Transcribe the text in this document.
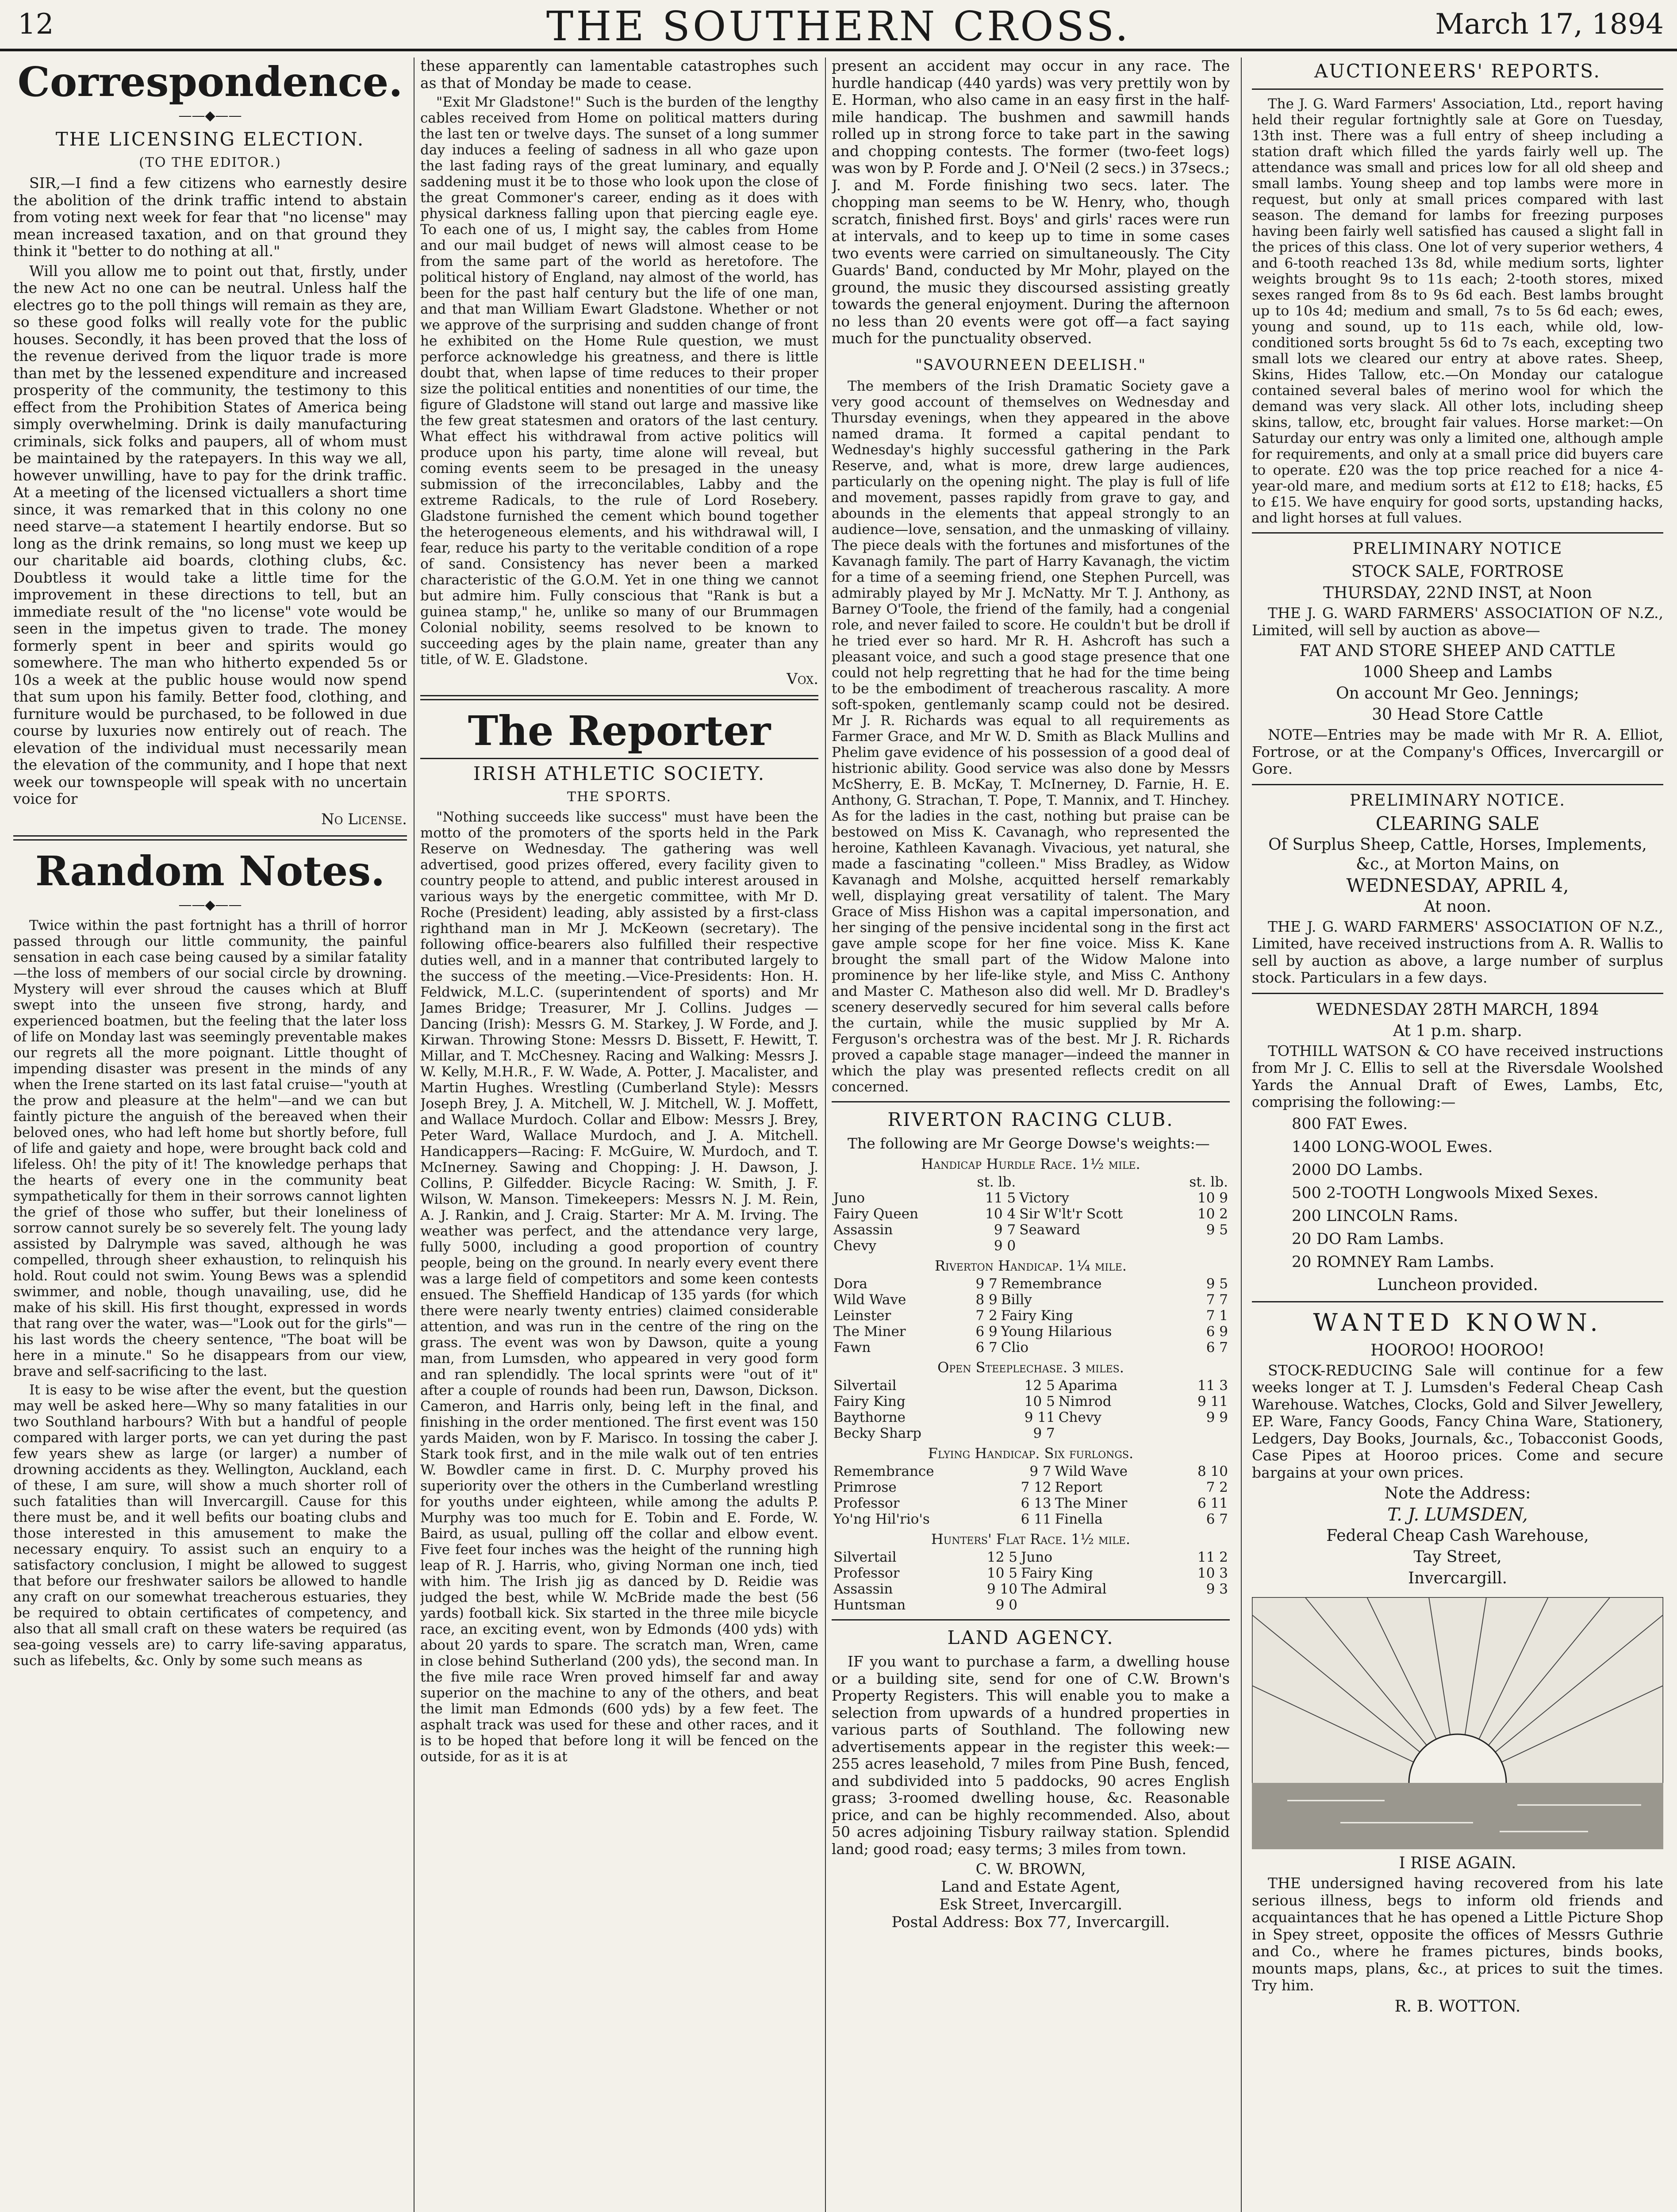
12	THE SOUTHERN CROSS.	March 17, 1894
Correspondence.
——◆——
THE LICENSING ELECTION.
(TO THE EDITOR.)

SIR,—I find a few citizens who earnestly desire the abolition of the drink traffic intend to abstain from voting next week for fear that "no license" may mean increased taxation, and on that ground they think it "better to do nothing at all."

Will you allow me to point out that, firstly, under the new Act no one can be neutral. Unless half the electres go to the poll things will remain as they are, so these good folks will really vote for the public houses. Secondly, it has been proved that the loss of the revenue derived from the liquor trade is more than met by the lessened expenditure and increased prosperity of the community, the testimony to this effect from the Prohibition States of America being simply overwhelming. Drink is daily manufacturing criminals, sick folks and paupers, all of whom must be maintained by the ratepayers. In this way we all, however unwilling, have to pay for the drink traffic. At a meeting of the licensed victuallers a short time since, it was remarked that in this colony no one need starve—a statement I heartily endorse. But so long as the drink remains, so long must we keep up our charitable aid boards, clothing clubs, &c. Doubtless it would take a little time for the improvement in these directions to tell, but an immediate result of the "no license" vote would be seen in the impetus given to trade. The money formerly spent in beer and spirits would go somewhere. The man who hitherto expended 5s or 10s a week at the public house would now spend that sum upon his family. Better food, clothing, and furniture would be purchased, to be followed in due course by luxuries now entirely out of reach. The elevation of the individual must necessarily mean the elevation of the community, and I hope that next week our townspeople will speak with no uncertain voice for

No License.
Random Notes.
——◆——

Twice within the past fortnight has a thrill of horror passed through our little community, the painful sensation in each case being caused by a similar fatality—the loss of members of our social circle by drowning. Mystery will ever shroud the causes which at Bluff swept into the unseen five strong, hardy, and experienced boatmen, but the feeling that the later loss of life on Monday last was seemingly preventable makes our regrets all the more poignant. Little thought of impending disaster was present in the minds of any when the Irene started on its last fatal cruise—"youth at the prow and pleasure at the helm"—and we can but faintly picture the anguish of the bereaved when their beloved ones, who had left home but shortly before, full of life and gaiety and hope, were brought back cold and lifeless. Oh! the pity of it! The knowledge perhaps that the hearts of every one in the community beat sympathetically for them in their sorrows cannot lighten the grief of those who suffer, but their loneliness of sorrow cannot surely be so severely felt. The young lady assisted by Dalrymple was saved, although he was compelled, through sheer exhaustion, to relinquish his hold. Rout could not swim. Young Bews was a splendid swimmer, and noble, though unavailing, use, did he make of his skill. His first thought, expressed in words that rang over the water, was—"Look out for the girls"—his last words the cheery sentence, "The boat will be here in a minute." So he disappears from our view, brave and self-sacrificing to the last.

It is easy to be wise after the event, but the question may well be asked here—Why so many fatalities in our two Southland harbours? With but a handful of people compared with larger ports, we can yet during the past few years shew as large (or larger) a number of drowning accidents as they. Wellington, Auckland, each of these, I am sure, will show a much shorter roll of such fatalities than will Invercargill. Cause for this there must be, and it well befits our boating clubs and those interested in this amusement to make the necessary enquiry. To assist such an enquiry to a satisfactory conclusion, I might be allowed to suggest that before our freshwater sailors be allowed to handle any craft on our somewhat treacherous estuaries, they be required to obtain certificates of competency, and also that all small craft on these waters be required (as sea-going vessels are) to carry life-saving apparatus, such as lifebelts, &c. Only by some such means as

these apparently can lamentable catastrophes such as that of Monday be made to cease.

"Exit Mr Gladstone!" Such is the burden of the lengthy cables received from Home on political matters during the last ten or twelve days. The sunset of a long summer day induces a feeling of sadness in all who gaze upon the last fading rays of the great luminary, and equally saddening must it be to those who look upon the close of the great Commoner's career, ending as it does with physical darkness falling upon that piercing eagle eye. To each one of us, I might say, the cables from Home and our mail budget of news will almost cease to be from the same part of the world as heretofore. The political history of England, nay almost of the world, has been for the past half century but the life of one man, and that man William Ewart Gladstone. Whether or not we approve of the surprising and sudden change of front he exhibited on the Home Rule question, we must perforce acknowledge his greatness, and there is little doubt that, when lapse of time reduces to their proper size the political entities and nonentities of our time, the figure of Gladstone will stand out large and massive like the few great statesmen and orators of the last century. What effect his withdrawal from active politics will produce upon his party, time alone will reveal, but coming events seem to be presaged in the uneasy submission of the irreconcilables, Labby and the extreme Radicals, to the rule of Lord Rosebery. Gladstone furnished the cement which bound together the heterogeneous elements, and his withdrawal will, I fear, reduce his party to the veritable condition of a rope of sand. Consistency has never been a marked characteristic of the G.O.M. Yet in one thing we cannot but admire him. Fully conscious that "Rank is but a guinea stamp," he, unlike so many of our Brummagen Colonial nobility, seems resolved to be known to succeeding ages by the plain name, greater than any title, of W. E. Gladstone.

Vox.
The Reporter
IRISH ATHLETIC SOCIETY.
THE SPORTS.

"Nothing succeeds like success" must have been the motto of the promoters of the sports held in the Park Reserve on Wednesday. The gathering was well advertised, good prizes offered, every facility given to country people to attend, and public interest aroused in various ways by the energetic committee, with Mr D. Roche (President) leading, ably assisted by a first-class righthand man in Mr J. McKeown (secretary). The following office-bearers also fulfilled their respective duties well, and in a manner that contributed largely to the success of the meeting.—Vice-Presidents: Hon. H. Feldwick, M.L.C. (superintendent of sports) and Mr James Bridge; Treasurer, Mr J. Collins. Judges — Dancing (Irish): Messrs G. M. Starkey, J. W Forde, and J. Kirwan. Throwing Stone: Messrs D. Bissett, F. Hewitt, T. Millar, and T. McChesney. Racing and Walking: Messrs J. W. Kelly, M.H.R., F. W. Wade, A. Potter, J. Macalister, and Martin Hughes. Wrestling (Cumberland Style): Messrs Joseph Brey, J. A. Mitchell, W. J. Mitchell, W. J. Moffett, and Wallace Murdoch. Collar and Elbow: Messrs J. Brey, Peter Ward, Wallace Murdoch, and J. A. Mitchell. Handicappers—Racing: F. McGuire, W. Murdoch, and T. McInerney. Sawing and Chopping: J. H. Dawson, J. Collins, P. Gilfedder. Bicycle Racing: W. Smith, J. F. Wilson, W. Manson. Timekeepers: Messrs N. J. M. Rein, A. J. Rankin, and J. Craig. Starter: Mr A. M. Irving. The weather was perfect, and the attendance very large, fully 5000, including a good proportion of country people, being on the ground. In nearly every event there was a large field of competitors and some keen contests ensued. The Sheffield Handicap of 135 yards (for which there were nearly twenty entries) claimed considerable attention, and was run in the centre of the ring on the grass. The event was won by Dawson, quite a young man, from Lumsden, who appeared in very good form and ran splendidly. The local sprints were "out of it" after a couple of rounds had been run, Dawson, Dickson. Cameron, and Harris only, being left in the final, and finishing in the order mentioned. The first event was 150 yards Maiden, won by F. Marisco. In tossing the caber J. Stark took first, and in the mile walk out of ten entries W. Bowdler came in first. D. C. Murphy proved his superiority over the others in the Cumberland wrestling for youths under eighteen, while among the adults P. Murphy was too much for E. Tobin and E. Forde, W. Baird, as usual, pulling off the collar and elbow event. Five feet four inches was the height of the running high leap of R. J. Harris, who, giving Norman one inch, tied with him. The Irish jig as danced by D. Reidie was judged the best, while W. McBride made the best (56 yards) football kick. Six started in the three mile bicycle race, an exciting event, won by Edmonds (400 yds) with about 20 yards to spare. The scratch man, Wren, came in close behind Sutherland (200 yds), the second man. In the five mile race Wren proved himself far and away superior on the machine to any of the others, and beat the limit man Edmonds (600 yds) by a few feet. The asphalt track was used for these and other races, and it is to be hoped that before long it will be fenced on the outside, for as it is at

present an accident may occur in any race. The hurdle handicap (440 yards) was very prettily won by E. Horman, who also came in an easy first in the half-mile handicap. The bushmen and sawmill hands rolled up in strong force to take part in the sawing and chopping contests. The former (two-feet logs) was won by P. Forde and J. O'Neil (2 secs.) in 37secs.; J. and M. Forde finishing two secs. later. The chopping man seems to be W. Henry, who, though scratch, finished first. Boys' and girls' races were run at intervals, and to keep up to time in some cases two events were carried on simultaneously. The City Guards' Band, conducted by Mr Mohr, played on the ground, the music they discoursed assisting greatly towards the general enjoyment. During the afternoon no less than 20 events were got off—a fact saying much for the punctuality observed.

"SAVOURNEEN DEELISH."

The members of the Irish Dramatic Society gave a very good account of themselves on Wednesday and Thursday evenings, when they appeared in the above named drama. It formed a capital pendant to Wednesday's highly successful gathering in the Park Reserve, and, what is more, drew large audiences, particularly on the opening night. The play is full of life and movement, passes rapidly from grave to gay, and abounds in the elements that appeal strongly to an audience—love, sensation, and the unmasking of villainy. The piece deals with the fortunes and misfortunes of the Kavanagh family. The part of Harry Kavanagh, the victim for a time of a seeming friend, one Stephen Purcell, was admirably played by Mr J. McNatty. Mr T. J. Anthony, as Barney O'Toole, the friend of the family, had a congenial role, and never failed to score. He couldn't but be droll if he tried ever so hard. Mr R. H. Ashcroft has such a pleasant voice, and such a good stage presence that one could not help regretting that he had for the time being to be the embodiment of treacherous rascality. A more soft-spoken, gentlemanly scamp could not be desired. Mr J. R. Richards was equal to all requirements as Farmer Grace, and Mr W. D. Smith as Black Mullins and Phelim gave evidence of his possession of a good deal of histrionic ability. Good service was also done by Messrs McSherry, E. B. McKay, T. McInerney, D. Farnie, H. E. Anthony, G. Strachan, T. Pope, T. Mannix, and T. Hinchey. As for the ladies in the cast, nothing but praise can be bestowed on Miss K. Cavanagh, who represented the heroine, Kathleen Kavanagh. Vivacious, yet natural, she made a fascinating "colleen." Miss Bradley, as Widow Kavanagh and Molshe, acquitted herself remarkably well, displaying great versatility of talent. The Mary Grace of Miss Hishon was a capital impersonation, and her singing of the pensive incidental song in the first act gave ample scope for her fine voice. Miss K. Kane brought the small part of the Widow Malone into prominence by her life-like style, and Miss C. Anthony and Master C. Matheson also did well. Mr D. Bradley's scenery deservedly secured for him several calls before the curtain, while the music supplied by Mr A. Ferguson's orchestra was of the best. Mr J. R. Richards proved a capable stage manager—indeed the manner in which the play was presented reflects credit on all concerned.

RIVERTON RACING CLUB.

The following are Mr George Dowse's weights:—

Handicap Hurdle Race. 1½ mile.
	st. lb.		st. lb.
Juno	11 5	Victory	10 9
Fairy Queen	10 4	Sir W'lt'r Scott	10 2
Assassin	9 7	Seaward	9 5
Chevy	9 0		
Riverton Handicap. 1¼ mile.
Dora	9 7	Remembrance	9 5
Wild Wave	8 9	Billy	7 7
Leinster	7 2	Fairy King	7 1
The Miner	6 9	Young Hilarious	6 9
Fawn	6 7	Clio	6 7
Open Steeplechase. 3 miles.
Silvertail	12 5	Aparima	11 3
Fairy King	10 5	Nimrod	9 11
Baythorne	9 11	Chevy	9 9
Becky Sharp	9 7		
Flying Handicap. Six furlongs.
Remembrance	9 7	Wild Wave	8 10
Primrose	7 12	Report	7 2
Professor	6 13	The Miner	6 11
Yo'ng Hil'rio's	6 11	Finella	6 7
Hunters' Flat Race. 1½ mile.
Silvertail	12 5	Juno	11 2
Professor	10 5	Fairy King	10 3
Assassin	9 10	The Admiral	9 3
Huntsman	9 0		
LAND AGENCY.

IF you want to purchase a farm, a dwelling house or a building site, send for one of C.W. Brown's Property Registers. This will enable you to make a selection from upwards of a hundred properties in various parts of Southland. The following new advertisements appear in the register this week:—255 acres leasehold, 7 miles from Pine Bush, fenced, and subdivided into 5 paddocks, 90 acres English grass; 3-roomed dwelling house, &c. Reasonable price, and can be highly recommended. Also, about 50 acres adjoining Tisbury railway station. Splendid land; good road; easy terms; 3 miles from town.

C. W. BROWN,
Land and Estate Agent,
Esk Street, Invercargill.
Postal Address: Box 77, Invercargill.
AUCTIONEERS' REPORTS.

The J. G. Ward Farmers' Association, Ltd., report having held their regular fortnightly sale at Gore on Tuesday, 13th inst. There was a full entry of sheep including a station draft which filled the yards fairly well up. The attendance was small and prices low for all old sheep and small lambs. Young sheep and top lambs were more in request, but only at small prices compared with last season. The demand for lambs for freezing purposes having been fairly well satisfied has caused a slight fall in the prices of this class. One lot of very superior wethers, 4 and 6-tooth reached 13s 8d, while medium sorts, lighter weights brought 9s to 11s each; 2-tooth stores, mixed sexes ranged from 8s to 9s 6d each. Best lambs brought up to 10s 4d; medium and small, 7s to 5s 6d each; ewes, young and sound, up to 11s each, while old, low-conditioned sorts brought 5s 6d to 7s each, excepting two small lots we cleared our entry at above rates. Sheep, Skins, Hides Tallow, etc.—On Monday our catalogue contained several bales of merino wool for which the demand was very slack. All other lots, including sheep skins, tallow, etc, brought fair values. Horse market:—On Saturday our entry was only a limited one, although ample for requirements, and only at a small price did buyers care to operate. £20 was the top price reached for a nice 4-year-old mare, and medium sorts at £12 to £18; hacks, £5 to £15. We have enquiry for good sorts, upstanding hacks, and light horses at full values.

PRELIMINARY NOTICE
STOCK SALE, FORTROSE
THURSDAY, 22ND INST, at Noon

THE J. G. WARD FARMERS' ASSOCIATION OF N.Z., Limited, will sell by auction as above—

FAT AND STORE SHEEP AND CATTLE
1000 Sheep and Lambs
On account Mr Geo. Jennings;
30 Head Store Cattle

NOTE—Entries may be made with Mr R. A. Elliot, Fortrose, or at the Company's Offices, Invercargill or Gore.

PRELIMINARY NOTICE.
CLEARING SALE
Of Surplus Sheep, Cattle, Horses, Implements, &c., at Morton Mains, on
WEDNESDAY, APRIL 4,
At noon.

THE J. G. WARD FARMERS' ASSOCIATION OF N.Z., Limited, have received instructions from A. R. Wallis to sell by auction as above, a large number of surplus stock. Particulars in a few days.

WEDNESDAY 28TH MARCH, 1894
At 1 p.m. sharp.

TOTHILL WATSON & CO have received instructions from Mr J. C. Ellis to sell at the Riversdale Woolshed Yards the Annual Draft of Ewes, Lambs, Etc, comprising the following:—

800 FAT Ewes.
1400 LONG-WOOL Ewes.
2000 DO Lambs.
500 2-TOOTH Longwools Mixed Sexes.
200 LINCOLN Rams.
20 DO Ram Lambs.
20 ROMNEY Ram Lambs.
Luncheon provided.
WANTED KNOWN.
HOOROO! HOOROO!

STOCK-REDUCING Sale will continue for a few weeks longer at T. J. Lumsden's Federal Cheap Cash Warehouse. Watches, Clocks, Gold and Silver Jewellery, EP. Ware, Fancy Goods, Fancy China Ware, Stationery, Ledgers, Day Books, Journals, &c., Tobacconist Goods, Case Pipes at Hooroo prices. Come and secure bargains at your own prices.

Note the Address:
T. J. LUMSDEN,
Federal Cheap Cash Warehouse,
Tay Street,
Invercargill.
I RISE AGAIN.

THE undersigned having recovered from his late serious illness, begs to inform old friends and acquaintances that he has opened a Little Picture Shop in Spey street, opposite the offices of Messrs Guthrie and Co., where he frames pictures, binds books, mounts maps, plans, &c., at prices to suit the times. Try him.

R. B. WOTTON.
